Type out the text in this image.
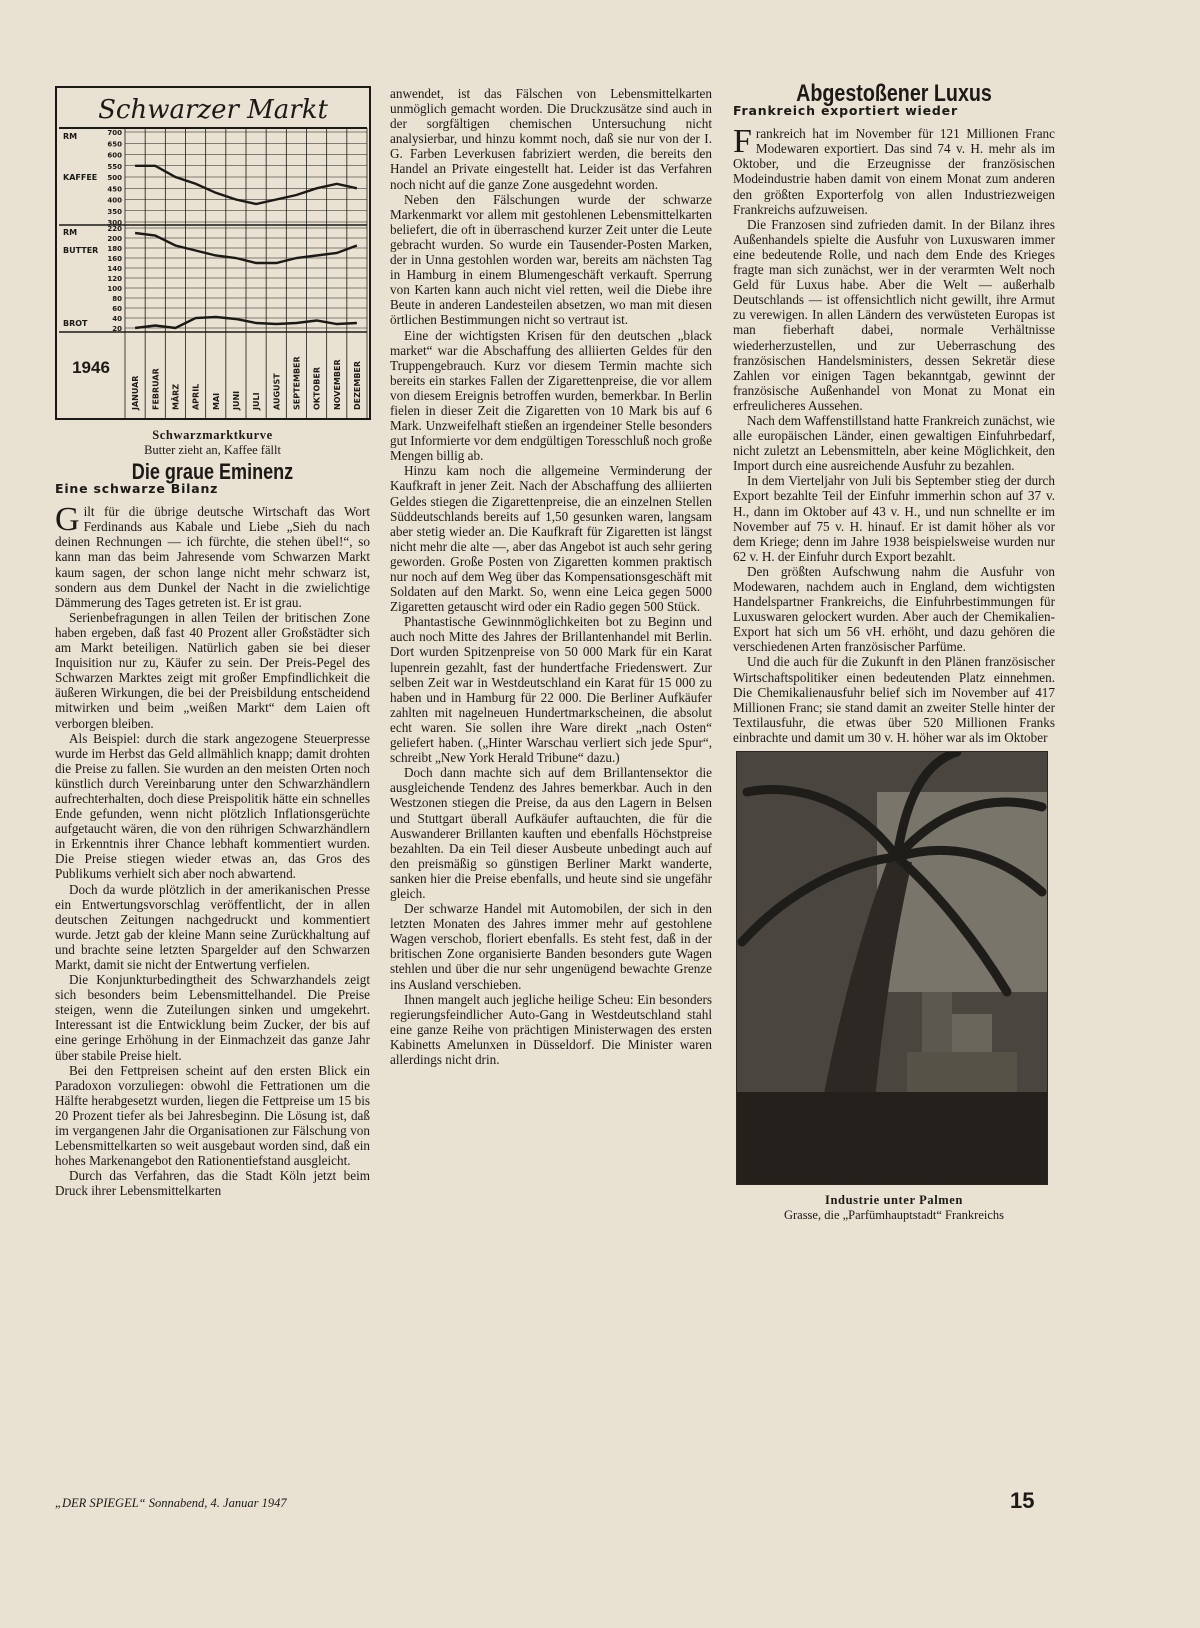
Schwarzer Markt
700
650
600
550
500
450
400
350
300
220
200
180
160
140
120
100
80
60
40
20
RM
KAFFEE
RM
BUTTER
BROT
1946
JANUAR FEBRUAR MÄRZ APRIL MAI JUNI JULI AUGUST SEPTEMBER OKTOBER NOVEMBER DEZEMBER
Schwarzmarktkurve
Butter zieht an, Kaffee fällt
Die graue Eminenz
Eine schwarze Bilanz

Gilt für die übrige deutsche Wirtschaft das Wort Ferdinands aus Kabale und Liebe „Sieh du nach deinen Rechnungen — ich fürchte, die stehen übel!“, so kann man das beim Jahresende vom Schwarzen Markt kaum sagen, der schon lange nicht mehr schwarz ist, sondern aus dem Dunkel der Nacht in die zwielichtige Dämmerung des Tages getreten ist. Er ist grau.

Serienbefragungen in allen Teilen der britischen Zone haben ergeben, daß fast 40 Prozent aller Großstädter sich am Markt beteiligen. Natürlich gaben sie bei dieser Inquisition nur zu, Käufer zu sein. Der Preis-Pegel des Schwarzen Marktes zeigt mit großer Empfindlichkeit die äußeren Wirkungen, die bei der Preisbildung entscheidend mitwirken und beim „weißen Markt“ dem Laien oft verborgen bleiben.

Als Beispiel: durch die stark angezogene Steuerpresse wurde im Herbst das Geld allmählich knapp; damit drohten die Preise zu fallen. Sie wurden an den meisten Orten noch künstlich durch Vereinbarung unter den Schwarzhändlern aufrechterhalten, doch diese Preispolitik hätte ein schnelles Ende gefunden, wenn nicht plötzlich Inflationsgerüchte aufgetaucht wären, die von den rührigen Schwarzhändlern in Erkenntnis ihrer Chance lebhaft kommentiert wurden. Die Preise stiegen wieder etwas an, das Gros des Publikums verhielt sich aber noch abwartend.

Doch da wurde plötzlich in der amerikanischen Presse ein Entwertungsvorschlag veröffentlicht, der in allen deutschen Zeitungen nachgedruckt und kommentiert wurde. Jetzt gab der kleine Mann seine Zurückhaltung auf und brachte seine letzten Spargelder auf den Schwarzen Markt, damit sie nicht der Entwertung verfielen.

Die Konjunkturbedingtheit des Schwarzhandels zeigt sich besonders beim Lebensmittelhandel. Die Preise steigen, wenn die Zuteilungen sinken und umgekehrt. Interessant ist die Entwicklung beim Zucker, der bis auf eine geringe Erhöhung in der Einmachzeit das ganze Jahr über stabile Preise hielt.

Bei den Fettpreisen scheint auf den ersten Blick ein Paradoxon vorzuliegen: obwohl die Fettrationen um die Hälfte herabgesetzt wurden, liegen die Fettpreise um 15 bis 20 Prozent tiefer als bei Jahresbeginn. Die Lösung ist, daß im vergangenen Jahr die Organisationen zur Fälschung von Lebensmittelkarten so weit ausgebaut worden sind, daß ein hohes Markenangebot den Rationentiefstand ausgleicht.

Durch das Verfahren, das die Stadt Köln jetzt beim Druck ihrer Lebensmittelkarten

anwendet, ist das Fälschen von Lebensmittelkarten unmöglich gemacht worden. Die Druckzusätze sind auch in der sorgfältigen chemischen Untersuchung nicht analysierbar, und hinzu kommt noch, daß sie nur von der I. G. Farben Leverkusen fabriziert werden, die bereits den Handel an Private eingestellt hat. Leider ist das Verfahren noch nicht auf die ganze Zone ausgedehnt worden.

Neben den Fälschungen wurde der schwarze Markenmarkt vor allem mit gestohlenen Lebensmittelkarten beliefert, die oft in überraschend kurzer Zeit unter die Leute gebracht wurden. So wurde ein Tausender-Posten Marken, der in Unna gestohlen worden war, bereits am nächsten Tag in Hamburg in einem Blumengeschäft verkauft. Sperrung von Karten kann auch nicht viel retten, weil die Diebe ihre Beute in anderen Landesteilen absetzen, wo man mit diesen örtlichen Bestimmungen nicht so vertraut ist.

Eine der wichtigsten Krisen für den deutschen „black market“ war die Abschaffung des alliierten Geldes für den Truppengebrauch. Kurz vor diesem Termin machte sich bereits ein starkes Fallen der Zigarettenpreise, die vor allem von diesem Ereignis betroffen wurden, bemerkbar. In Berlin fielen in dieser Zeit die Zigaretten von 10 Mark bis auf 6 Mark. Unzweifelhaft stießen an irgendeiner Stelle besonders gut Informierte vor dem endgültigen Toresschluß noch große Mengen billig ab.

Hinzu kam noch die allgemeine Verminderung der Kaufkraft in jener Zeit. Nach der Abschaffung des alliierten Geldes stiegen die Zigarettenpreise, die an einzelnen Stellen Süddeutschlands bereits auf 1,50 gesunken waren, langsam aber stetig wieder an. Die Kaufkraft für Zigaretten ist längst nicht mehr die alte —, aber das Angebot ist auch sehr gering geworden. Große Posten von Zigaretten kommen praktisch nur noch auf dem Weg über das Kompensationsgeschäft mit Soldaten auf den Markt. So, wenn eine Leica gegen 5000 Zigaretten getauscht wird oder ein Radio gegen 500 Stück.

Phantastische Gewinnmöglichkeiten bot zu Beginn und auch noch Mitte des Jahres der Brillantenhandel mit Berlin. Dort wurden Spitzenpreise von 50 000 Mark für ein Karat lupenrein gezahlt, fast der hundertfache Friedenswert. Zur selben Zeit war in Westdeutschland ein Karat für 15 000 zu haben und in Hamburg für 22 000. Die Berliner Aufkäufer zahlten mit nagelneuen Hundertmarkscheinen, die absolut echt waren. Sie sollen ihre Ware direkt „nach Osten“ geliefert haben. („Hinter Warschau verliert sich jede Spur“, schreibt „New York Herald Tribune“ dazu.)

Doch dann machte sich auf dem Brillantensektor die ausgleichende Tendenz des Jahres bemerkbar. Auch in den Westzonen stiegen die Preise, da aus den Lagern in Belsen und Stuttgart überall Aufkäufer auftauchten, die für die Auswanderer Brillanten kauften und ebenfalls Höchstpreise bezahlten. Da ein Teil dieser Ausbeute unbedingt auch auf den preismäßig so günstigen Berliner Markt wanderte, sanken hier die Preise ebenfalls, und heute sind sie ungefähr gleich.

Der schwarze Handel mit Automobilen, der sich in den letzten Monaten des Jahres immer mehr auf gestohlene Wagen verschob, floriert ebenfalls. Es steht fest, daß in der britischen Zone organisierte Banden besonders gute Wagen stehlen und über die nur sehr ungenügend bewachte Grenze ins Ausland verschieben.

Ihnen mangelt auch jegliche heilige Scheu: Ein besonders regierungsfeindlicher Auto-Gang in Westdeutschland stahl eine ganze Reihe von prächtigen Ministerwagen des ersten Kabinetts Amelunxen in Düsseldorf. Die Minister waren allerdings nicht drin.

Abgestoßener Luxus
Frankreich exportiert wieder

Frankreich hat im November für 121 Millionen Franc Modewaren exportiert. Das sind 74 v. H. mehr als im Oktober, und die Erzeugnisse der französischen Modeindustrie haben damit von einem Monat zum anderen den größten Exporterfolg von allen Industriezweigen Frankreichs aufzuweisen.

Die Franzosen sind zufrieden damit. In der Bilanz ihres Außenhandels spielte die Ausfuhr von Luxuswaren immer eine bedeutende Rolle, und nach dem Ende des Krieges fragte man sich zunächst, wer in der verarmten Welt noch Geld für Luxus habe. Aber die Welt — außerhalb Deutschlands — ist offensichtlich nicht gewillt, ihre Armut zu verewigen. In allen Ländern des verwüsteten Europas ist man fieberhaft dabei, normale Verhältnisse wiederherzustellen, und zur Ueberraschung des französischen Handelsministers, dessen Sekretär diese Zahlen vor einigen Tagen bekanntgab, gewinnt der französische Außenhandel von Monat zu Monat ein erfreulicheres Aussehen.

Nach dem Waffenstillstand hatte Frankreich zunächst, wie alle europäischen Länder, einen gewaltigen Einfuhrbedarf, nicht zuletzt an Lebensmitteln, aber keine Möglichkeit, den Import durch eine ausreichende Ausfuhr zu bezahlen.

In dem Vierteljahr von Juli bis September stieg der durch Export bezahlte Teil der Einfuhr immerhin schon auf 37 v. H., dann im Oktober auf 43 v. H., und nun schnellte er im November auf 75 v. H. hinauf. Er ist damit höher als vor dem Kriege; denn im Jahre 1938 beispielsweise wurden nur 62 v. H. der Einfuhr durch Export bezahlt.

Den größten Aufschwung nahm die Ausfuhr von Modewaren, nachdem auch in England, dem wichtigsten Handelspartner Frankreichs, die Einfuhrbestimmungen für Luxuswaren gelockert wurden. Aber auch der Chemikalien-Export hat sich um 56 vH. erhöht, und dazu gehören die verschiedenen Arten französischer Parfüme.

Und die auch für die Zukunft in den Plänen französischer Wirtschaftspolitiker einen bedeutenden Platz einnehmen. Die Chemikalienausfuhr belief sich im November auf 417 Millionen Franc; sie stand damit an zweiter Stelle hinter der Textilausfuhr, die etwas über 520 Millionen Franks einbrachte und damit um 30 v. H. höher war als im Oktober

Industrie unter Palmen
Grasse, die „Parfümhauptstadt“ Frankreichs
„DER SPIEGEL“ Sonnabend, 4. Januar 1947	15
